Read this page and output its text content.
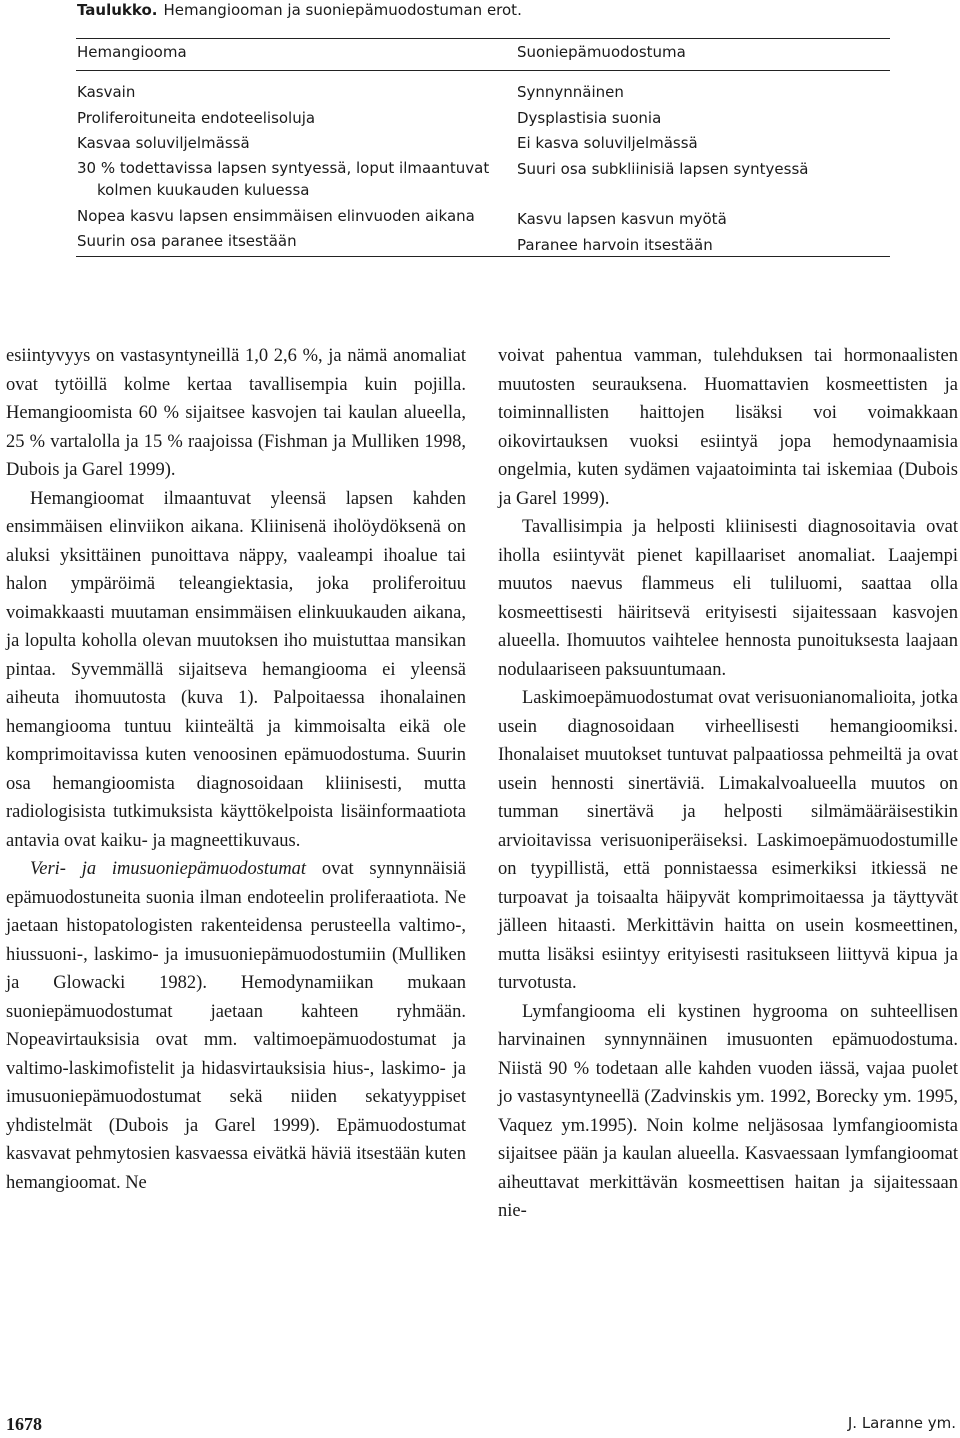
Taulukko. Hemangiooman ja suoniepämuodostuman erot.
Hemangiooma	Suoniepämuodostuma
Kasvain
Proliferoituneita endoteelisoluja
Kasvaa soluviljelmässä
30 % todettavissa lapsen syntyessä, loput ilmaantuvat kolmen kuukauden kuluessa
Nopea kasvu lapsen ensimmäisen elinvuoden aikana
Suurin osa paranee itsestään
Synnynnäinen
Dysplastisia suonia
Ei kasva soluviljelmässä
Suuri osa subkliinisiä lapsen syntyessä
Kasvu lapsen kasvun myötä
Paranee harvoin itsestään

esiintyvyys on vastasyntyneillä 1,0 2,6 %, ja nämä anomaliat ovat tytöillä kolme kertaa tavallisempia kuin pojilla. Hemangioomista 60 % sijaitsee kasvojen tai kaulan alueella, 25 % vartalolla ja 15 % raajoissa (Fishman ja Mulliken 1998, Dubois ja Garel 1999).

Hemangioomat ilmaantuvat yleensä lapsen kahden ensimmäisen elinviikon aikana. Kliinisenä iholöydöksenä on aluksi yksittäinen punoittava näppy, vaaleampi ihoalue tai halon ympäröimä teleangiektasia, joka proliferoituu voimakkaasti muutaman ensimmäisen elinkuukauden aikana, ja lopulta koholla olevan muutoksen iho muistuttaa mansikan pintaa. Syvemmällä sijaitseva hemangiooma ei yleensä aiheuta ihomuutosta (kuva 1). Palpoitaessa ihonalainen hemangiooma tuntuu kiinteältä ja kimmoisalta eikä ole komprimoitavissa kuten venoosinen epämuodostuma. Suurin osa hemangioomista diagnosoidaan kliinisesti, mutta radiologisista tutkimuksista käyttökelpoista lisäinformaatiota antavia ovat kaiku- ja magneettikuvaus.

Veri- ja imusuoniepämuodostumat ovat synnynnäisiä epämuodostuneita suonia ilman endoteelin proliferaatiota. Ne jaetaan histopatologisten rakenteidensa perusteella valtimo-, hiussuoni-, laskimo- ja imusuoniepämuodostumiin (Mulliken ja Glowacki 1982). Hemodynamiikan mukaan suoniepämuodostumat jaetaan kahteen ryhmään. Nopeavirtauksisia ovat mm. valtimoepämuodostumat ja valtimo-laskimofistelit ja hidasvirtauksisia hius-, laskimo- ja imusuoniepämuodostumat sekä niiden sekatyyppiset yhdistelmät (Dubois ja Garel 1999). Epämuodostumat kasvavat pehmytosien kasvaessa eivätkä häviä itsestään kuten hemangioomat. Ne

voivat pahentua vamman, tulehduksen tai hormonaalisten muutosten seurauksena. Huomattavien kosmeettisten ja toiminnallisten haittojen lisäksi voi voimakkaan oikovirtauksen vuoksi esiintyä jopa hemodynaamisia ongelmia, kuten sydämen vajaatoiminta tai iskemiaa (Dubois ja Garel 1999).

Tavallisimpia ja helposti kliinisesti diagnosoitavia ovat iholla esiintyvät pienet kapillaariset anomaliat. Laajempi muutos naevus flammeus eli tuliluomi, saattaa olla kosmeettisesti häiritsevä erityisesti sijaitessaan kasvojen alueella. Ihomuutos vaihtelee hennosta punoituksesta laajaan nodulaariseen paksuuntumaan.

Laskimoepämuodostumat ovat verisuonianomalioita, jotka usein diagnosoidaan virheellisesti hemangioomiksi. Ihonalaiset muutokset tuntuvat palpaatiossa pehmeiltä ja ovat usein hennosti sinertäviä. Limakalvoalueella muutos on tumman sinertävä ja helposti silmämääräisestikin arvioitavissa verisuoniperäiseksi. Laskimoepämuodostumille on tyypillistä, että ponnistaessa esimerkiksi itkiessä ne turpoavat ja toisaalta häipyvät komprimoitaessa ja täyttyvät jälleen hitaasti. Merkittävin haitta on usein kosmeettinen, mutta lisäksi esiintyy erityisesti rasitukseen liittyvä kipua ja turvotusta.

Lymfangiooma eli kystinen hygrooma on suhteellisen harvinainen synnynnäinen imusuonten epämuodostuma. Niistä 90 % todetaan alle kahden vuoden iässä, vajaa puolet jo vastasyntyneellä (Zadvinskis ym. 1992, Borecky ym. 1995, Vaquez ym.1995). Noin kolme neljäsosaa lymfangioomista sijaitsee pään ja kaulan alueella. Kasvaessaan lymfangioomat aiheuttavat merkittävän kosmeettisen haitan ja sijaitessaan nie-

1678	J. Laranne ym.
